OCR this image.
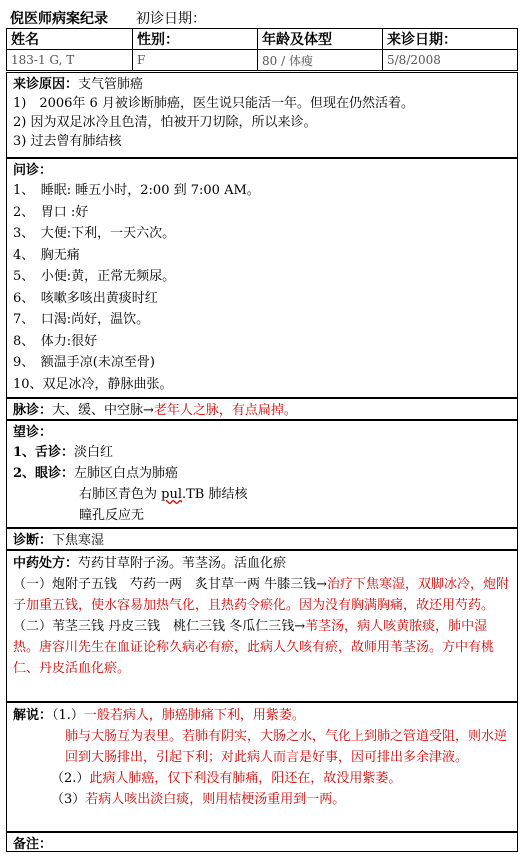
倪医师病案纪录 初诊日期：
姓名	性别：	年龄及体型	来诊日期：
183-1 G, T	F	80 / 体瘦	5/8/2008
来诊原因：支气管肺癌
1)　2006年 6 月被诊断肺癌，医生说只能活一年。但现在仍然活着。
2) 因为双足冰冷且色清，怕被开刀切除，所以来诊。
3) 过去曾有肺结核
问诊：
1、　睡眠: 睡五小时，2:00 到 7:00 AM。
2、　胃口 :好
3、　大便:下利，一天六次。
4、　胸无痛
5、　小便:黄，正常无频尿。
6、　咳嗽多咳出黄痰时红
7、　口渴:尚好，温饮。
8、　体力:很好
9、　额温手凉(未凉至骨)
10、双足冰冷，静脉曲张。
脉诊：大、缓、中空脉→老年人之脉，有点扁掉。
望诊：
1、舌诊：淡白红
2、眼诊：左肺区白点为肺癌
右肺区青色为 pul.TB 肺结核
瞳孔反应无
诊断：下焦寒湿
中药处方：芍药甘草附子汤。苇茎汤。活血化瘀
（一）炮附子五钱　芍药一两　炙甘草一两 牛膝三钱→治疗下焦寒湿，双脚冰冷，炮附子加重五钱，使水容易加热气化，且热药令瘀化。因为没有胸满胸痛，故还用芍药。
（二）苇茎三钱 丹皮三钱　桃仁三钱 冬瓜仁三钱→苇茎汤，病人咳黄脓痰，肺中湿热。唐容川先生在血证论称久病必有瘀，此病人久咳有瘀，故师用苇茎汤。方中有桃仁、丹皮活血化瘀。
解说：（1.）一般若病人，肺癌肺痛下利，用紫萎。
肺与大肠互为表里。若肺有阴实，大肠之水，气化上到肺之管道受阻，则水逆回到大肠排出，引起下利；对此病人而言是好事，因可排出多余津液。
（2.）此病人肺癌，仅下利没有肺痛，阳还在，故没用紫萎。
（3）若病人咳出淡白痰，则用桔梗汤重用到一两。
备注：
